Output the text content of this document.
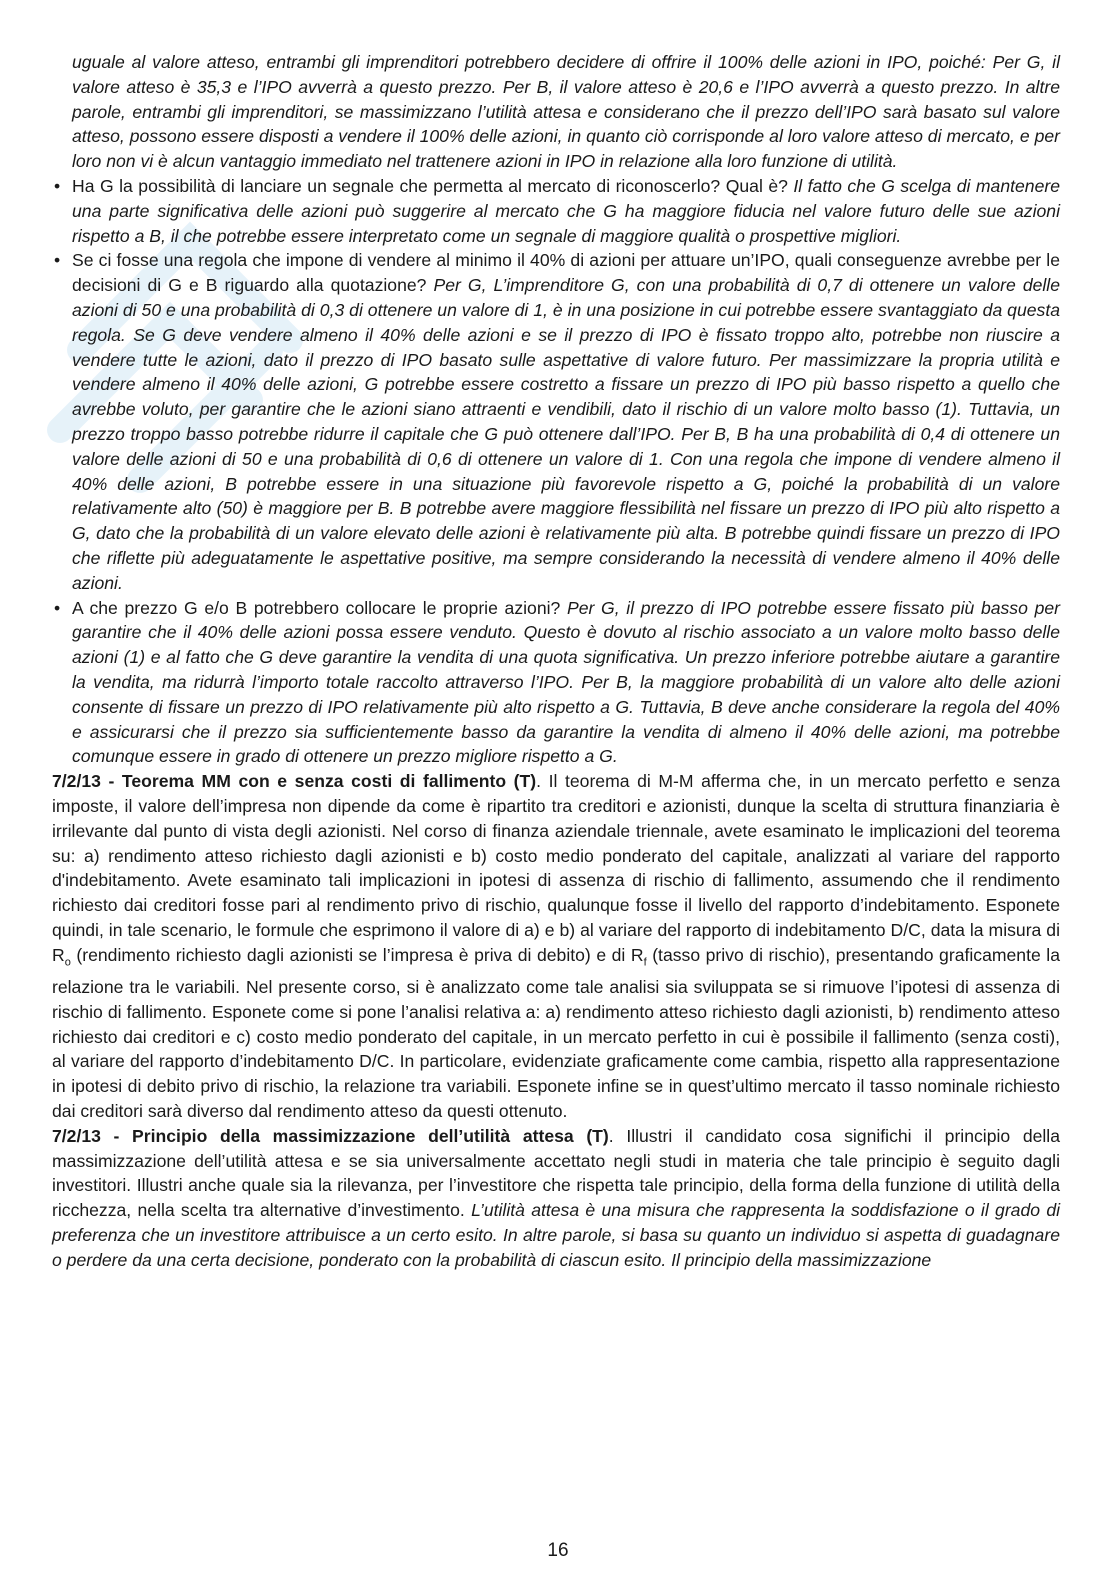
uguale al valore atteso, entrambi gli imprenditori potrebbero decidere di offrire il 100% delle azioni in IPO, poiché: Per G, il valore atteso è 35,3 e l’IPO avverrà a questo prezzo. Per B, il valore atteso è 20,6 e l’IPO avverrà a questo prezzo. In altre parole, entrambi gli imprenditori, se massimizzano l’utilità attesa e considerano che il prezzo dell’IPO sarà basato sul valore atteso, possono essere disposti a vendere il 100% delle azioni, in quanto ciò corrisponde al loro valore atteso di mercato, e per loro non vi è alcun vantaggio immediato nel trattenere azioni in IPO in relazione alla loro funzione di utilità.

• Ha G la possibilità di lanciare un segnale che permetta al mercato di riconoscerlo? Qual è? Il fatto che G scelga di mantenere una parte significativa delle azioni può suggerire al mercato che G ha maggiore fiducia nel valore futuro delle sue azioni rispetto a B, il che potrebbe essere interpretato come un segnale di maggiore qualità o prospettive migliori.

• Se ci fosse una regola che impone di vendere al minimo il 40% di azioni per attuare un’IPO, quali conseguenze avrebbe per le decisioni di G e B riguardo alla quotazione? Per G, L’imprenditore G, con una probabilità di 0,7 di ottenere un valore delle azioni di 50 e una probabilità di 0,3 di ottenere un valore di 1, è in una posizione in cui potrebbe essere svantaggiato da questa regola. Se G deve vendere almeno il 40% delle azioni e se il prezzo di IPO è fissato troppo alto, potrebbe non riuscire a vendere tutte le azioni, dato il prezzo di IPO basato sulle aspettative di valore futuro. Per massimizzare la propria utilità e vendere almeno il 40% delle azioni, G potrebbe essere costretto a fissare un prezzo di IPO più basso rispetto a quello che avrebbe voluto, per garantire che le azioni siano attraenti e vendibili, dato il rischio di un valore molto basso (1). Tuttavia, un prezzo troppo basso potrebbe ridurre il capitale che G può ottenere dall’IPO. Per B, B ha una probabilità di 0,4 di ottenere un valore delle azioni di 50 e una probabilità di 0,6 di ottenere un valore di 1. Con una regola che impone di vendere almeno il 40% delle azioni, B potrebbe essere in una situazione più favorevole rispetto a G, poiché la probabilità di un valore relativamente alto (50) è maggiore per B. B potrebbe avere maggiore flessibilità nel fissare un prezzo di IPO più alto rispetto a G, dato che la probabilità di un valore elevato delle azioni è relativamente più alta. B potrebbe quindi fissare un prezzo di IPO che riflette più adeguatamente le aspettative positive, ma sempre considerando la necessità di vendere almeno il 40% delle azioni.

• A che prezzo G e/o B potrebbero collocare le proprie azioni? Per G, il prezzo di IPO potrebbe essere fissato più basso per garantire che il 40% delle azioni possa essere venduto. Questo è dovuto al rischio associato a un valore molto basso delle azioni (1) e al fatto che G deve garantire la vendita di una quota significativa. Un prezzo inferiore potrebbe aiutare a garantire la vendita, ma ridurrà l’importo totale raccolto attraverso l’IPO. Per B, la maggiore probabilità di un valore alto delle azioni consente di fissare un prezzo di IPO relativamente più alto rispetto a G. Tuttavia, B deve anche considerare la regola del 40% e assicurarsi che il prezzo sia sufficientemente basso da garantire la vendita di almeno il 40% delle azioni, ma potrebbe comunque essere in grado di ottenere un prezzo migliore rispetto a G.

7/2/13 - Teorema MM con e senza costi di fallimento (T). Il teorema di M-M afferma che, in un mercato perfetto e senza imposte, il valore dell’impresa non dipende da come è ripartito tra creditori e azionisti, dunque la scelta di struttura finanziaria è irrilevante dal punto di vista degli azionisti. Nel corso di finanza aziendale triennale, avete esaminato le implicazioni del teorema su: a) rendimento atteso richiesto dagli azionisti e b) costo medio ponderato del capitale, analizzati al variare del rapporto d'indebitamento. Avete esaminato tali implicazioni in ipotesi di assenza di rischio di fallimento, assumendo che il rendimento richiesto dai creditori fosse pari al rendimento privo di rischio, qualunque fosse il livello del rapporto d’indebitamento. Esponete quindi, in tale scenario, le formule che esprimono il valore di a) e b) al variare del rapporto di indebitamento D/C, data la misura di $R_o$ (rendimento richiesto dagli azionisti se l’impresa è priva di debito) e di $R_f$ (tasso privo di rischio), presentando graficamente la relazione tra le variabili. Nel presente corso, si è analizzato come tale analisi sia sviluppata se si rimuove l’ipotesi di assenza di rischio di fallimento. Esponete come si pone l’analisi relativa a: a) rendimento atteso richiesto dagli azionisti, b) rendimento atteso richiesto dai creditori e c) costo medio ponderato del capitale, in un mercato perfetto in cui è possibile il fallimento (senza costi), al variare del rapporto d’indebitamento D/C. In particolare, evidenziate graficamente come cambia, rispetto alla rappresentazione in ipotesi di debito privo di rischio, la relazione tra variabili. Esponete infine se in quest’ultimo mercato il tasso nominale richiesto dai creditori sarà diverso dal rendimento atteso da questi ottenuto.

7/2/13 - Principio della massimizzazione dell’utilità attesa (T). Illustri il candidato cosa significhi il principio della massimizzazione dell’utilità attesa e se sia universalmente accettato negli studi in materia che tale principio è seguito dagli investitori. Illustri anche quale sia la rilevanza, per l’investitore che rispetta tale principio, della forma della funzione di utilità della ricchezza, nella scelta tra alternative d’investimento. L’utilità attesa è una misura che rappresenta la soddisfazione o il grado di preferenza che un investitore attribuisce a un certo esito. In altre parole, si basa su quanto un individuo si aspetta di guadagnare o perdere da una certa decisione, ponderato con la probabilità di ciascun esito. Il principio della massimizzazione

16
